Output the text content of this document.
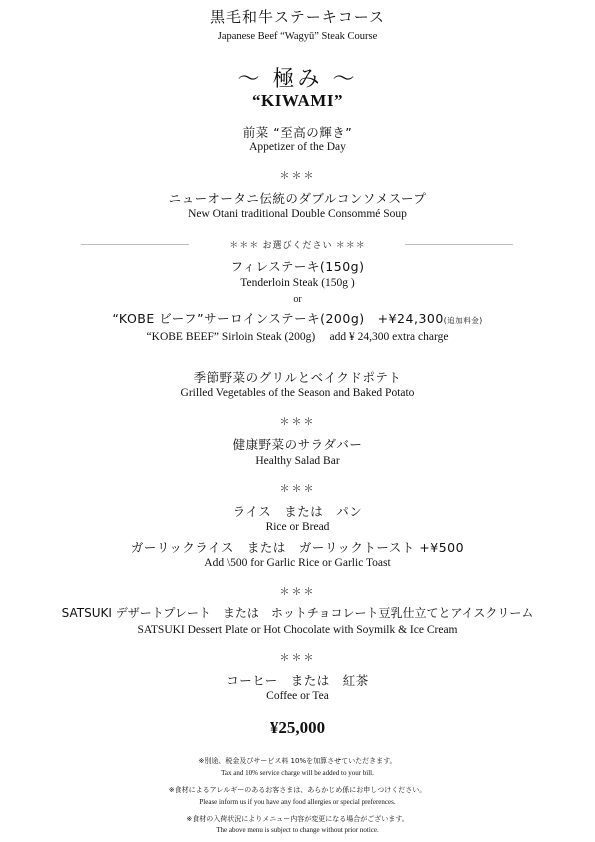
黒毛和牛ステーキコース
Japanese Beef “Wagyū” Steak Course
～ 極み ～
“KIWAMI”
前菜 “至高の輝き”
Appetizer of the Day
＊＊＊
ニューオータニ伝統のダブルコンソメスープ
New Otani traditional Double Consommé Soup
＊＊＊ お選びください ＊＊＊
フィレステーキ(150g)
Tenderloin Steak (150g )
or
“KOBE ビーフ”サーロインステーキ(200g)　+¥24,300(追加料金)
“KOBE BEEF” Sirloin Steak (200g)　 add ¥ 24,300 extra charge
季節野菜のグリルとベイクドポテト
Grilled Vegetables of the Season and Baked Potato
＊＊＊
健康野菜のサラダバー
Healthy Salad Bar
＊＊＊
ライス　または　パン
Rice or Bread
ガーリックライス　または　ガーリックトースト +¥500
Add \500 for Garlic Rice or Garlic Toast
＊＊＊
SATSUKI デザートプレート　または　ホットチョコレート豆乳仕立てとアイスクリーム
SATSUKI Dessert Plate or Hot Chocolate with Soymilk & Ice Cream
＊＊＊
コーヒー　または　紅茶
Coffee or Tea
¥25,000
※別途、税金及びサービス料 10%を加算させていただきます。
Tax and 10% service charge will be added to your bill.
※食材によるアレルギーのあるお客さまは、あらかじめ係にお申しつけください。
Please inform us if you have any food allergies or special preferences.
※食材の入荷状況によりメニュー内容が変更になる場合がございます。
The above menu is subject to change without prior notice.
